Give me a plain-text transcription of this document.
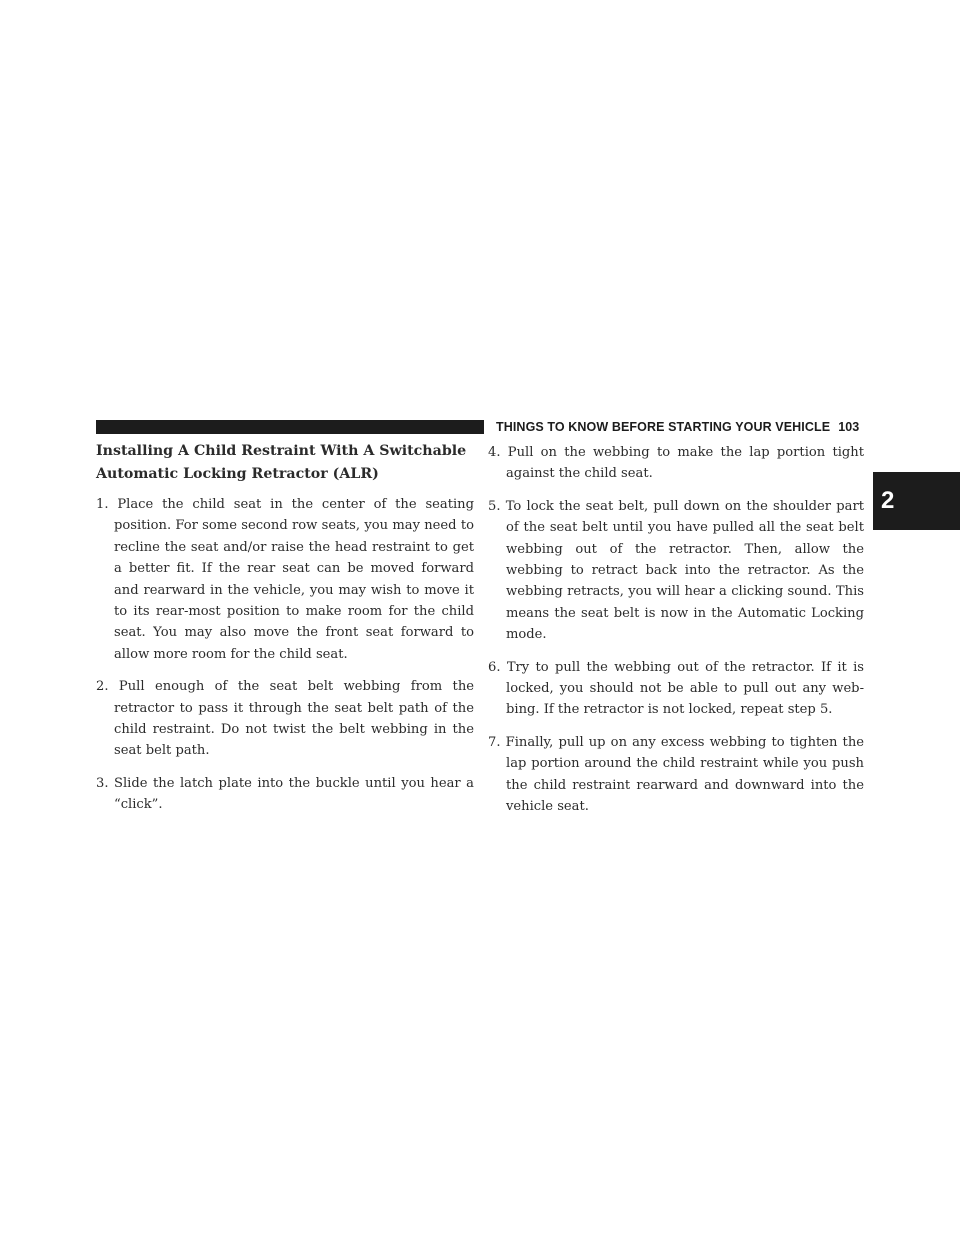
THINGS TO KNOW BEFORE STARTING YOUR VEHICLE 103
2
Installing A Child Restraint With A Switchable Automatic Locking Retractor (ALR)

1. Place the child seat in the center of the seating position. For some second row seats, you may need to recline the seat and/or raise the head restraint to get a better fit. If the rear seat can be moved forward and rearward in the vehicle, you may wish to move it to its rear-most position to make room for the child seat. You may also move the front seat forward to allow more room for the child seat.

2. Pull enough of the seat belt webbing from the retractor to pass it through the seat belt path of the child restraint. Do not twist the belt webbing in the seat belt path.

3. Slide the latch plate into the buckle until you hear a “click”.

4. Pull on the webbing to make the lap portion tight against the child seat.

5. To lock the seat belt, pull down on the shoulder part of the seat belt until you have pulled all the seat belt webbing out of the retractor. Then, allow the webbing to retract back into the retractor. As the webbing retracts, you will hear a clicking sound. This means the seat belt is now in the Automatic Locking mode.

6. Try to pull the webbing out of the retractor. If it is locked, you should not be able to pull out any web-bing. If the retractor is not locked, repeat step 5.

7. Finally, pull up on any excess webbing to tighten the lap portion around the child restraint while you push the child restraint rearward and downward into the vehicle seat.
